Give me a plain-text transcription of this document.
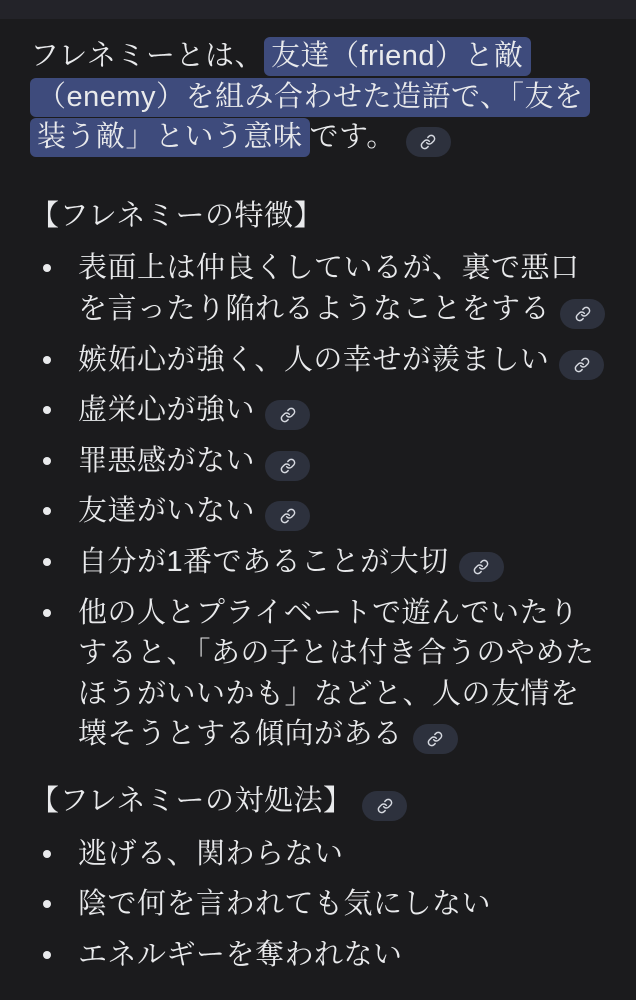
フレネミーとは、 友達（friend）と敵（enemy）を組み合わせた造語で、「友を装う敵」という意味 です。

【フレネミーの特徴】
表面上は仲良くしているが、裏で悪口を言ったり陥れるようなことをする
嫉妬心が強く、人の幸せが羨ましい
虚栄心が強い
罪悪感がない
友達がいない
自分が1番であることが大切
他の人とプライベートで遊んでいたりすると、「あの子とは付き合うのやめたほうがいいかも」などと、人の友情を壊そうとする傾向がある
【フレネミーの対処法】
逃げる、関わらない
陰で何を言われても気にしない
エネルギーを奪われない
